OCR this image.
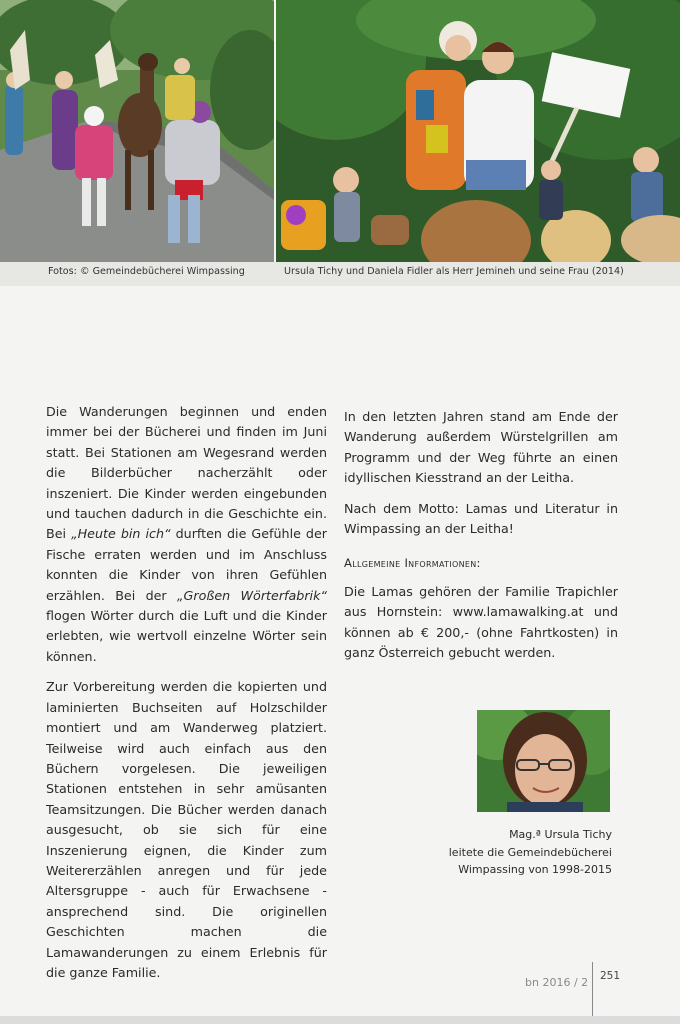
Fotos: © Gemeindebücherei Wimpassing	Ursula Tichy und Daniela Fidler als Herr Jemineh und seine Frau (2014)

Die Wanderungen beginnen und enden immer bei der Bücherei und finden im Juni statt. Bei Stationen am Wegesrand werden die Bilderbücher nacherzählt oder inszeniert. Die Kinder werden eingebunden und tauchen dadurch in die Geschichte ein. Bei „Heute bin ich“ durften die Gefühle der Fische erraten werden und im Anschluss konnten die Kinder von ihren Gefühlen erzählen. Bei der „Großen Wörterfabrik“ flogen Wörter durch die Luft und die Kinder erlebten, wie wertvoll einzelne Wörter sein können.

Zur Vorbereitung werden die kopierten und laminierten Buchseiten auf Holzschilder montiert und am Wanderweg platziert. Teilweise wird auch einfach aus den Büchern vorgelesen. Die jeweiligen Stationen entstehen in sehr amüsanten Teamsitzungen. Die Bücher werden danach ausgesucht, ob sie sich für eine Inszenierung eignen, die Kinder zum Weitererzählen anregen und für jede Altersgruppe - auch für Erwachsene - ansprechend sind. Die originellen Geschichten machen die Lamawanderungen zu einem Erlebnis für die ganze Familie.

In den letzten Jahren stand am Ende der Wanderung außerdem Würstelgrillen am Programm und der Weg führte an einen idyllischen Kiesstrand an der Leitha.

Nach dem Motto: Lamas und Literatur in Wimpassing an der Leitha!

Allgemeine Informationen:

Die Lamas gehören der Familie Trapichler aus Hornstein: www.lamawalking.at und können ab € 200,- (ohne Fahrtkosten) in ganz Österreich gebucht werden.

Mag.ª Ursula Tichy
leitete die Gemeindebücherei
Wimpassing von 1998-2015
bn 2016 / 2 251
